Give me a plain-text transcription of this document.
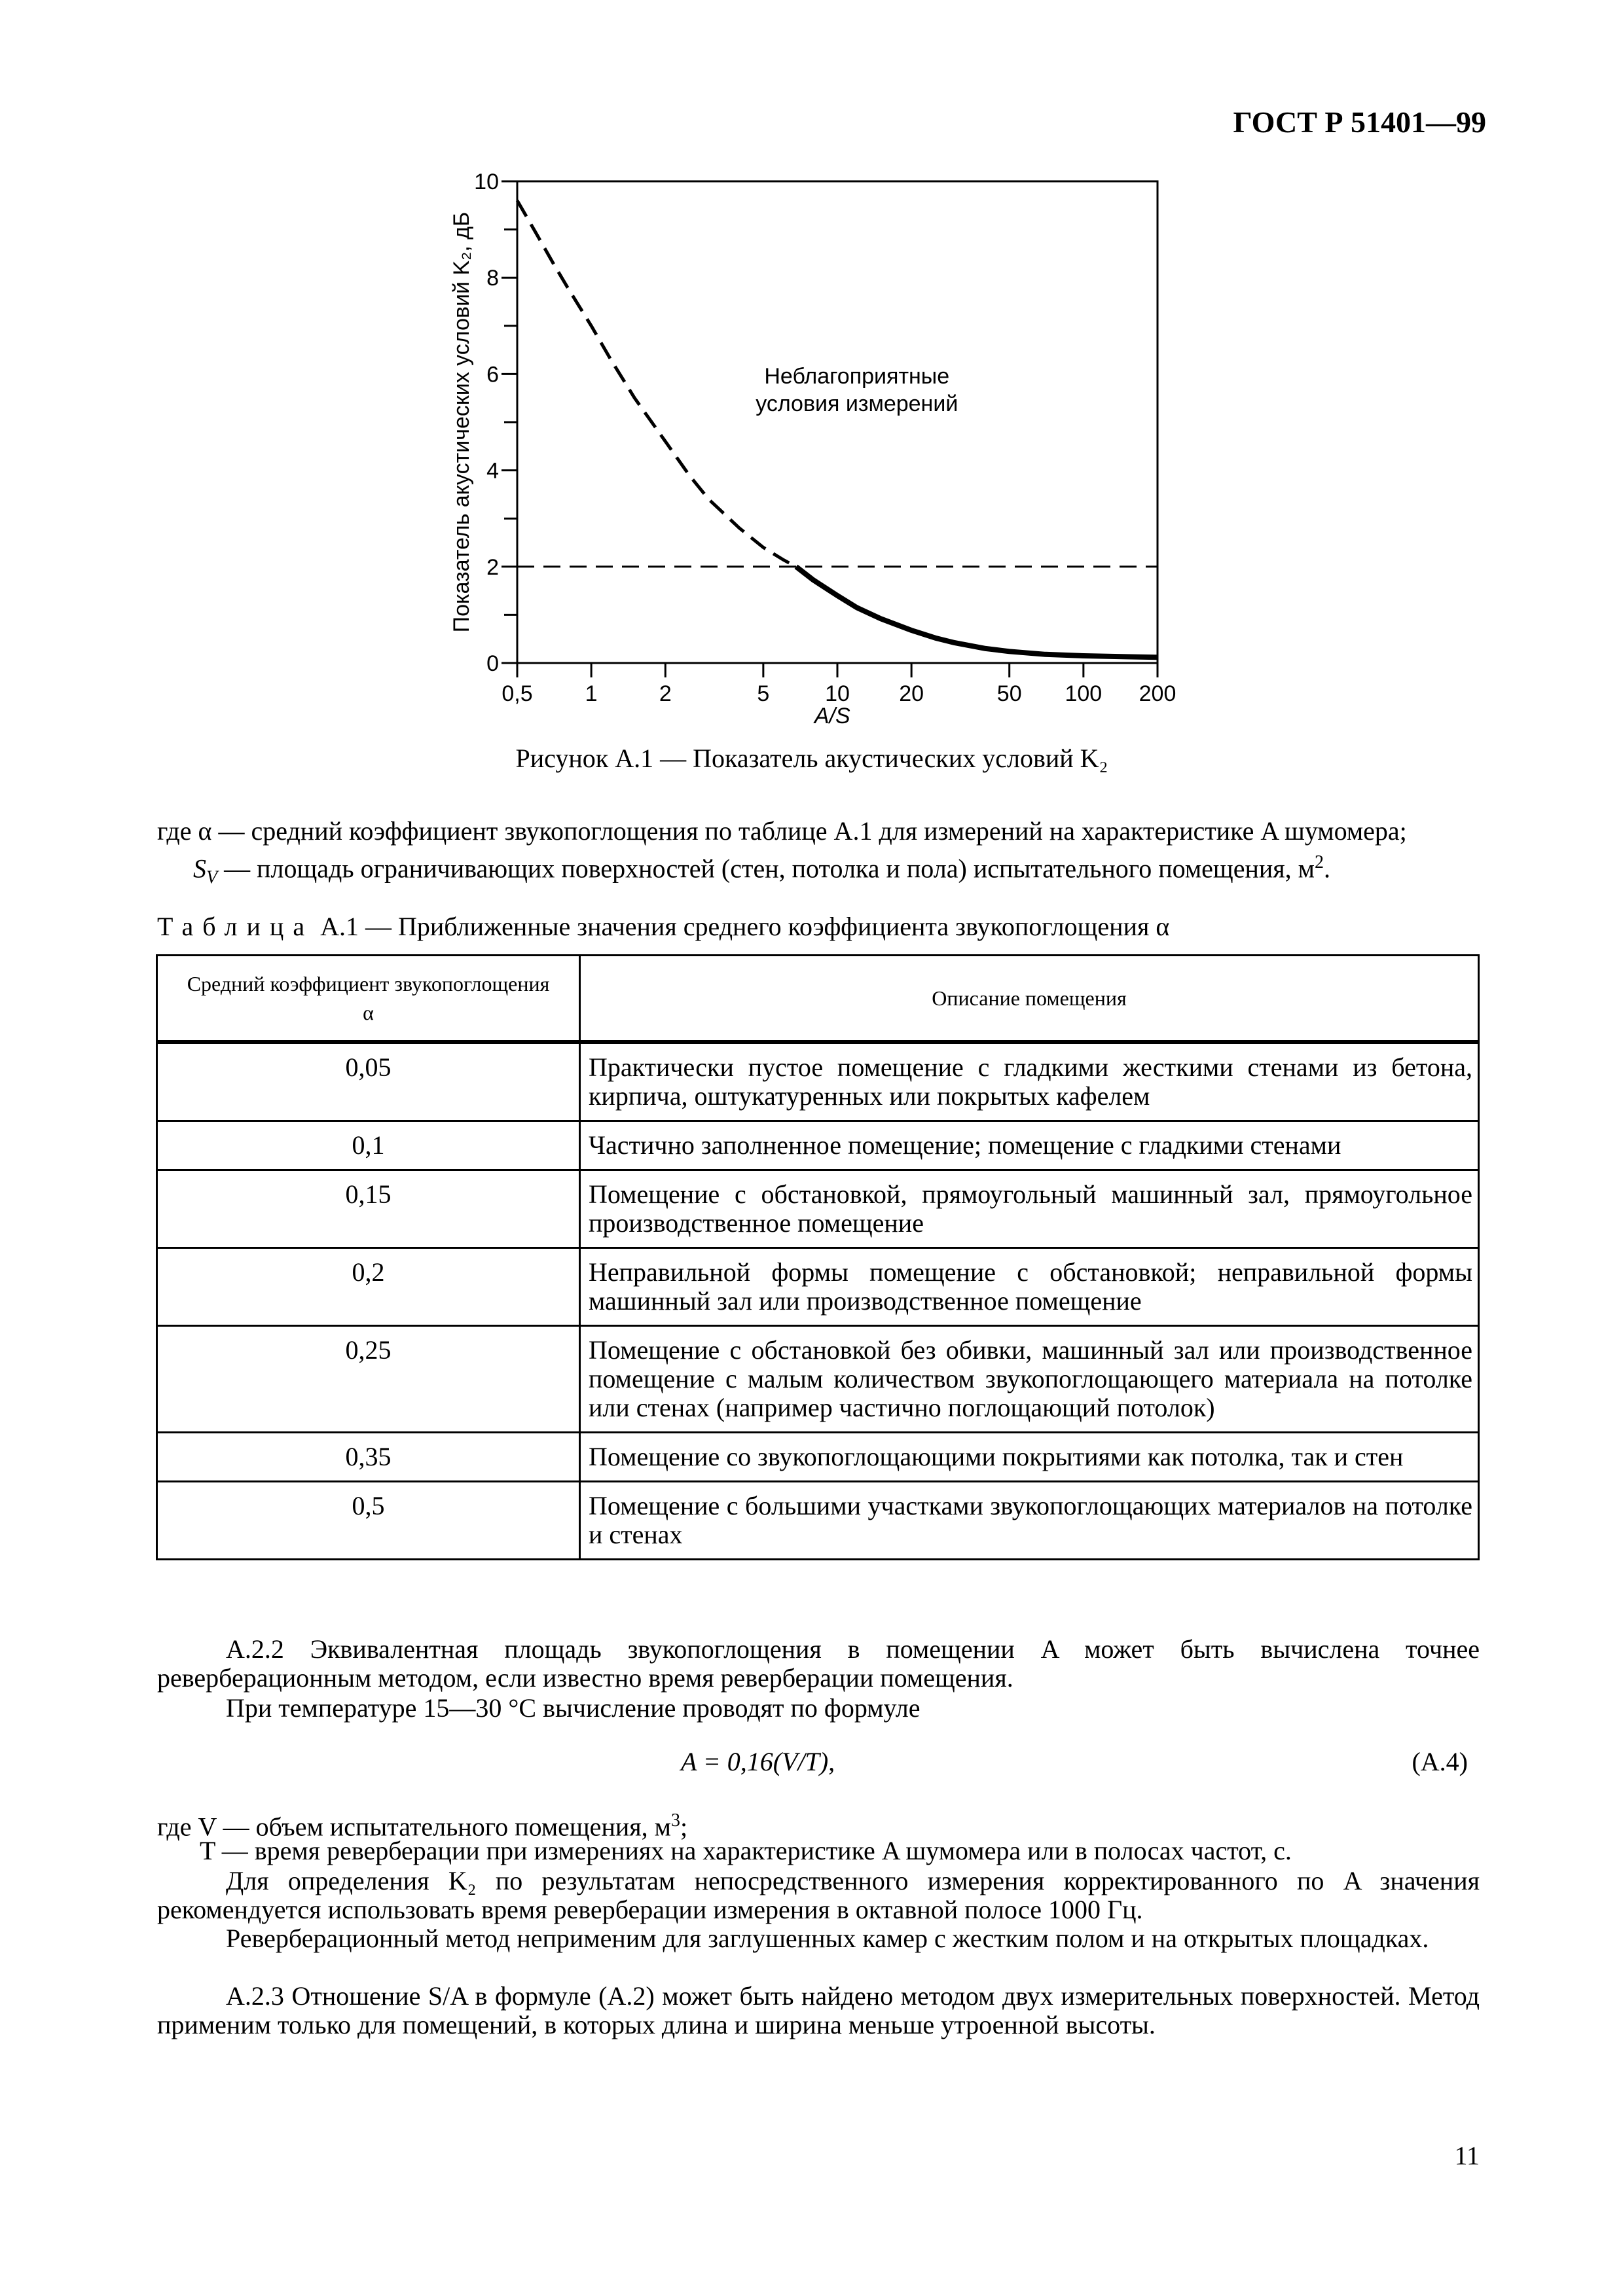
ГОСТ Р 51401—99
0,5 1	2	5 10 20	50 100 200
0
2
4
6
8
10
A/S
Показатель акустических условий K₂, дБ	Неблагоприятные
условия измерений
Рисунок А.1 — Показатель акустических условий K₂
где α — средний коэффициент звукопоглощения по таблице А.1 для измерений на характеристике A шумомера;
$S_V$ — площадь ограничивающих поверхностей (стен, потолка и пола) испытательного помещения, $м^2$.
Таблица А.1 — Приближенные значения среднего коэффициента звукопоглощения α
Средний коэффициент звукопоглощения α	Описание помещения
0,05	Практически пустое помещение с гладкими жесткими стенами из бетона, кирпича, оштукатуренных или покрытых кафелем
0,1	Частично заполненное помещение; помещение с гладкими стенами
0,15	Помещение с обстановкой, прямоугольный машинный зал, прямоугольное производственное помещение
0,2	Неправильной формы помещение с обстановкой; неправильной формы машинный зал или производственное помещение
0,25	Помещение с обстановкой без обивки, машинный зал или производственное помещение с малым количеством звукопоглощающего материала на потолке или стенах (например частично поглощающий потолок)
0,35	Помещение со звукопоглощающими покрытиями как потолка, так и стен
0,5	Помещение с большими участками звукопоглощающих материалов на потолке и стенах
А.2.2 Эквивалентная площадь звукопоглощения в помещении A может быть вычислена точнее реверберационным методом, если известно время реверберации помещения.
При температуре 15—30 °С вычисление проводят по формуле
A = 0,16(V/T),	(А.4)
где V — объем испытательного помещения, $м^3$;
T — время реверберации при измерениях на характеристике A шумомера или в полосах частот, с.
Для определения K₂ по результатам непосредственного измерения корректированного по A значения рекомендуется использовать время реверберации измерения в октавной полосе 1000 Гц.
Реверберационный метод неприменим для заглушенных камер с жестким полом и на открытых площадках.
А.2.3 Отношение S/A в формуле (А.2) может быть найдено методом двух измерительных поверхностей. Метод применим только для помещений, в которых длина и ширина меньше утроенной высоты.
11
